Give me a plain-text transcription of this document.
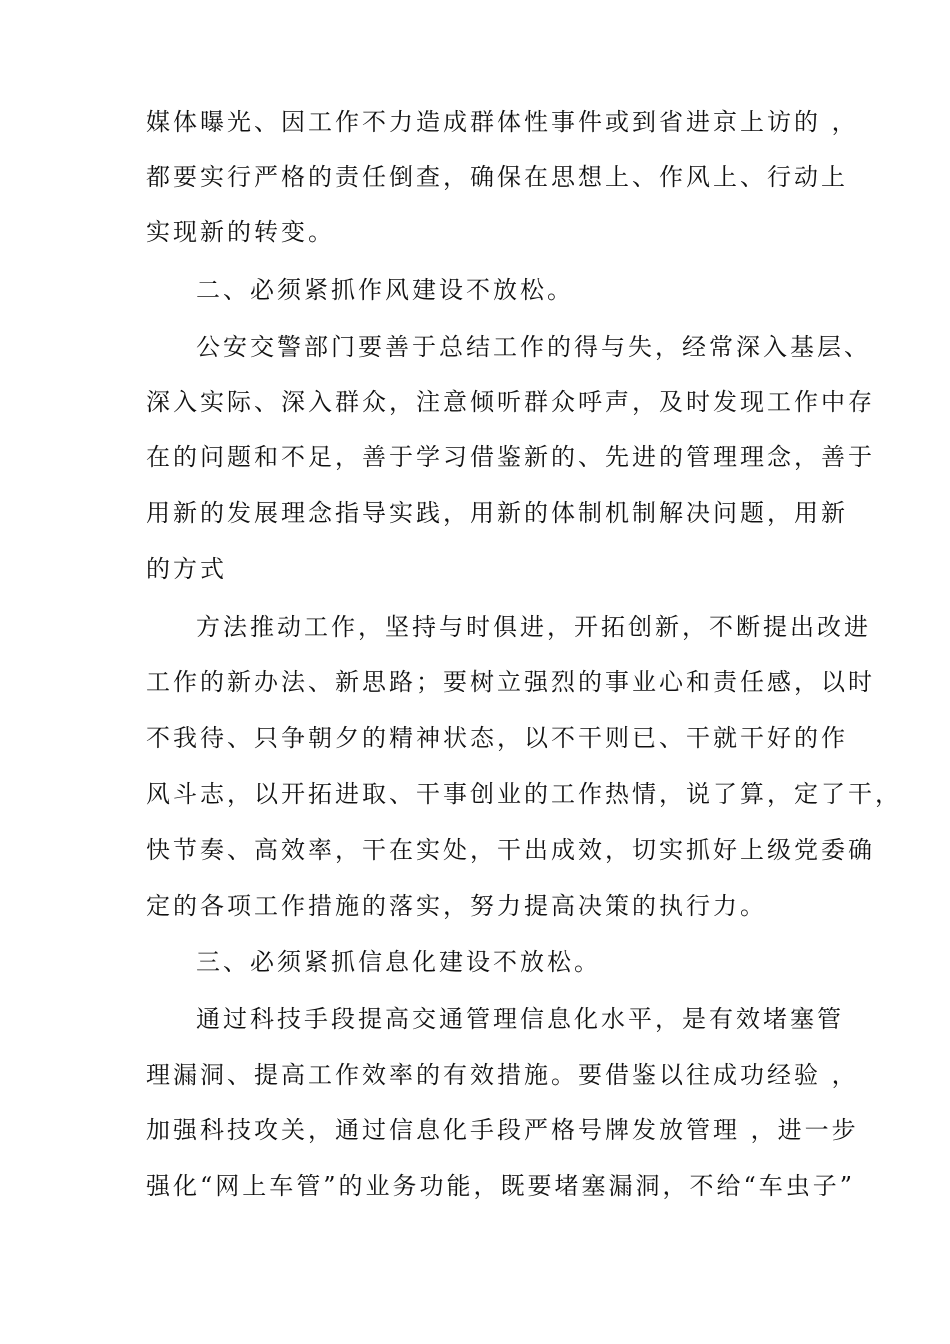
媒体曝光、因工作不力造成群体性事件或到省进京上访的 ，
都要实行严格的责任倒查，确保在思想上、作风上、行动上
实现新的转变。
二、必须紧抓作风建设不放松。
公安交警部门要善于总结工作的得与失，经常深入基层、
深入实际、深入群众，注意倾听群众呼声，及时发现工作中存
在的问题和不足，善于学习借鉴新的、先进的管理理念，善于
用新的发展理念指导实践，用新的体制机制解决问题，用新
的方式
方法推动工作，坚持与时俱进，开拓创新，不断提出改进
工作的新办法、新思路；要树立强烈的事业心和责任感，以时
不我待、只争朝夕的精神状态，以不干则已、干就干好的作
风斗志，以开拓进取、干事创业的工作热情，说了算，定了干，
快节奏、高效率，干在实处，干出成效，切实抓好上级党委确
定的各项工作措施的落实，努力提高决策的执行力。
三、必须紧抓信息化建设不放松。
通过科技手段提高交通管理信息化水平，是有效堵塞管
理漏洞、提高工作效率的有效措施。要借鉴以往成功经验 ，
加强科技攻关，通过信息化手段严格号牌发放管理 ，进一步
强化“网上车管”的业务功能，既要堵塞漏洞，不给“车虫子”
